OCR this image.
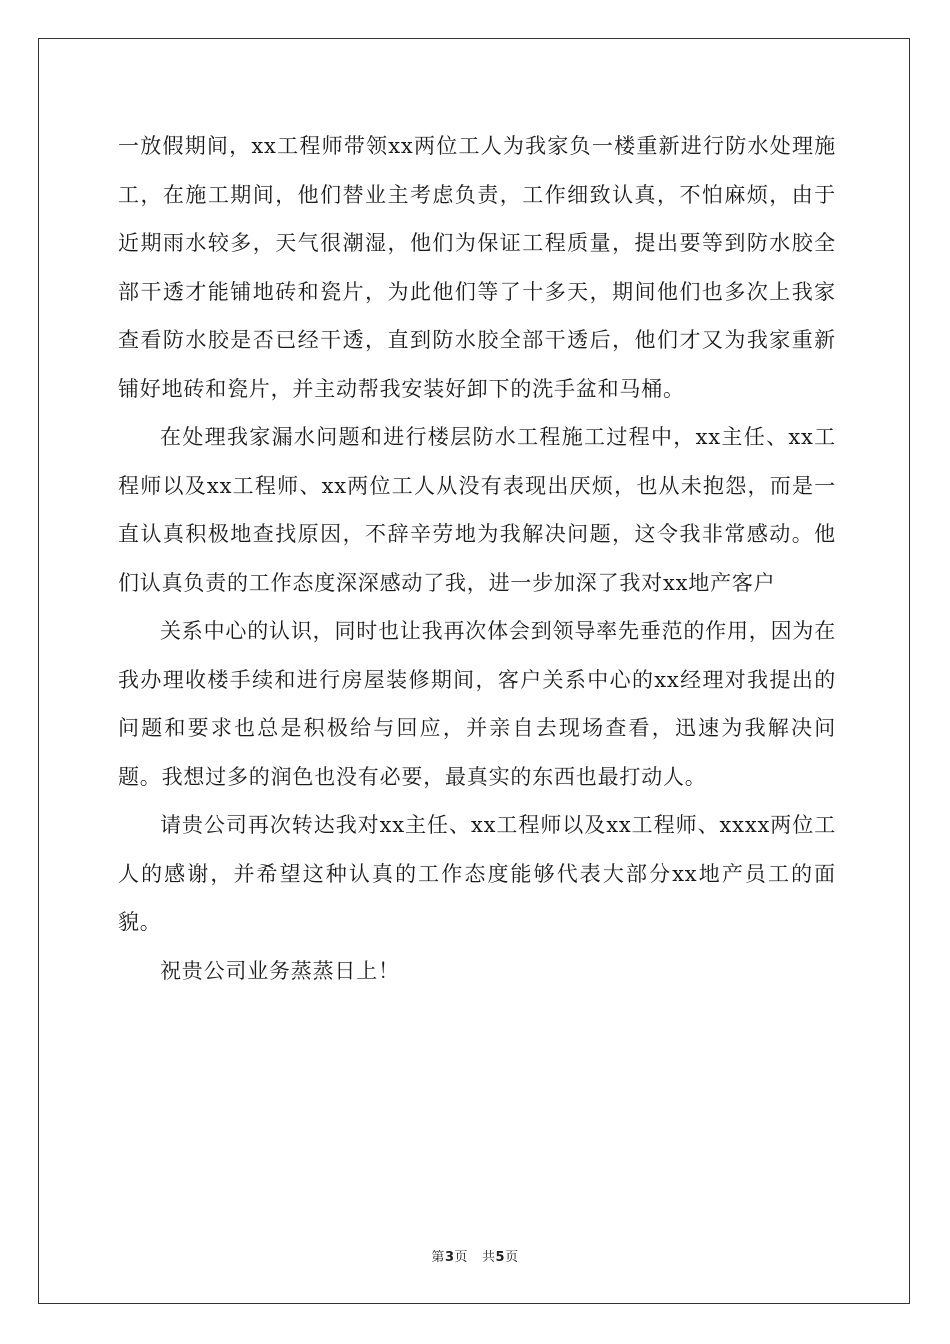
一放假期间，xx工程师带领xx两位工人为我家负一楼重新进行防水处理施工，在施工期间，他们替业主考虑负责，工作细致认真，不怕麻烦，由于近期雨水较多，天气很潮湿，他们为保证工程质量，提出要等到防水胶全部干透才能铺地砖和瓷片，为此他们等了十多天，期间他们也多次上我家查看防水胶是否已经干透，直到防水胶全部干透后，他们才又为我家重新铺好地砖和瓷片，并主动帮我安装好卸下的洗手盆和马桶。

在处理我家漏水问题和进行楼层防水工程施工过程中，xx主任、xx工程师以及xx工程师、xx两位工人从没有表现出厌烦，也从未抱怨，而是一直认真积极地查找原因，不辞辛劳地为我解决问题，这令我非常感动。他们认真负责的工作态度深深感动了我，进一步加深了我对xx地产客户

关系中心的认识，同时也让我再次体会到领导率先垂范的作用，因为在我办理收楼手续和进行房屋装修期间，客户关系中心的xx经理对我提出的问题和要求也总是积极给与回应，并亲自去现场查看，迅速为我解决问题。我想过多的润色也没有必要，最真实的东西也最打动人。

请贵公司再次转达我对xx主任、xx工程师以及xx工程师、xxxx两位工人的感谢，并希望这种认真的工作态度能够代表大部分xx地产员工的面貌。

祝贵公司业务蒸蒸日上！

第3页 共5页
